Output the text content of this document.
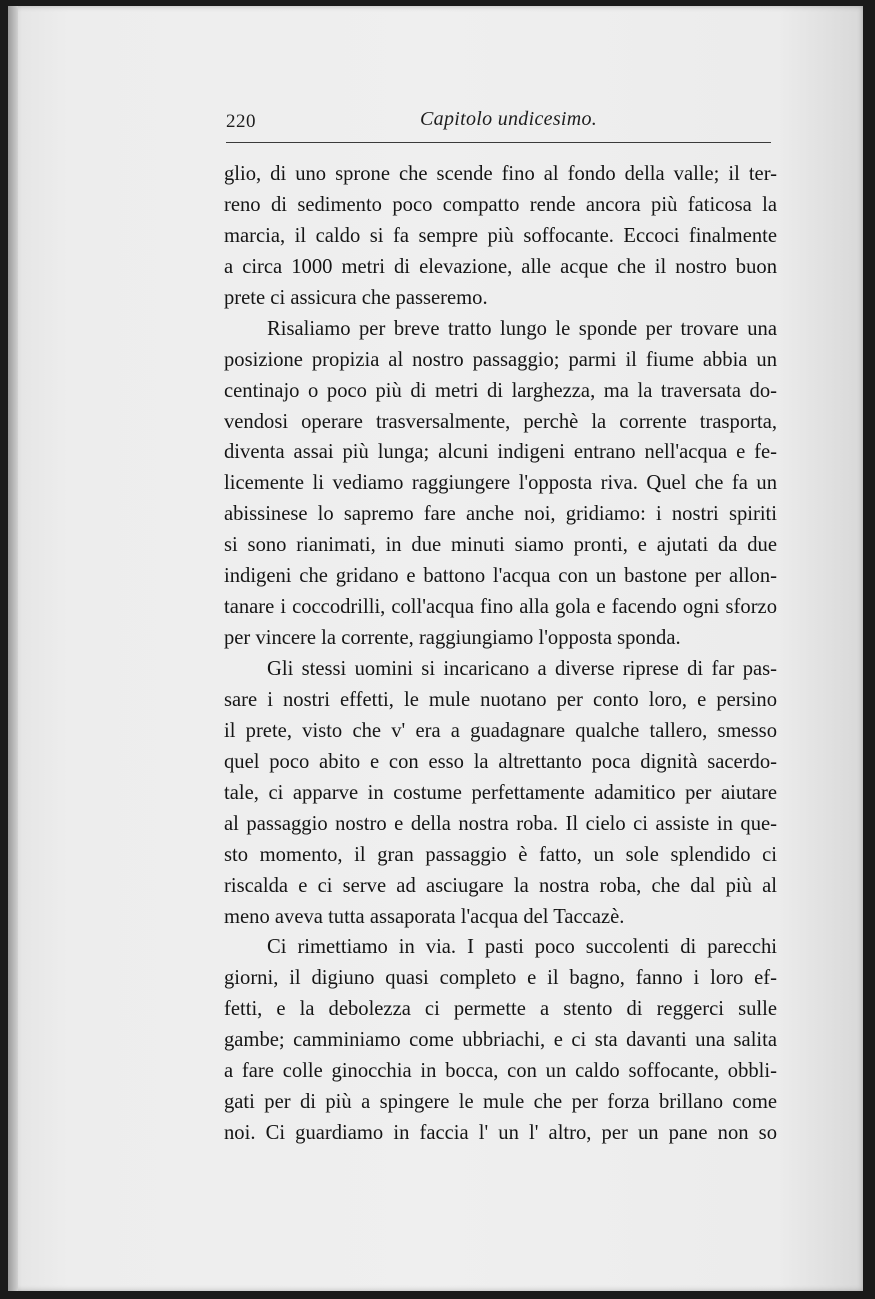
220	Capitolo undicesimo.
glio, di uno sprone che scende fino al fondo della valle; il ter-
reno di sedimento poco compatto rende ancora più faticosa la
marcia, il caldo si fa sempre più soffocante. Eccoci finalmente
a circa 1000 metri di elevazione, alle acque che il nostro buon
prete ci assicura che passeremo.
Risaliamo per breve tratto lungo le sponde per trovare una
posizione propizia al nostro passaggio; parmi il fiume abbia un
centinajo o poco più di metri di larghezza, ma la traversata do-
vendosi operare trasversalmente, perchè la corrente trasporta,
diventa assai più lunga; alcuni indigeni entrano nell'acqua e fe-
licemente li vediamo raggiungere l'opposta riva. Quel che fa un
abissinese lo sapremo fare anche noi, gridiamo: i nostri spiriti
si sono rianimati, in due minuti siamo pronti, e ajutati da due
indigeni che gridano e battono l'acqua con un bastone per allon-
tanare i coccodrilli, coll'acqua fino alla gola e facendo ogni sforzo
per vincere la corrente, raggiungiamo l'opposta sponda.
Gli stessi uomini si incaricano a diverse riprese di far pas-
sare i nostri effetti, le mule nuotano per conto loro, e persino
il prete, visto che v' era a guadagnare qualche tallero, smesso
quel poco abito e con esso la altrettanto poca dignità sacerdo-
tale, ci apparve in costume perfettamente adamitico per aiutare
al passaggio nostro e della nostra roba. Il cielo ci assiste in que-
sto momento, il gran passaggio è fatto, un sole splendido ci
riscalda e ci serve ad asciugare la nostra roba, che dal più al
meno aveva tutta assaporata l'acqua del Taccazè.
Ci rimettiamo in via. I pasti poco succolenti di parecchi
giorni, il digiuno quasi completo e il bagno, fanno i loro ef-
fetti, e la debolezza ci permette a stento di reggerci sulle
gambe; camminiamo come ubbriachi, e ci sta davanti una salita
a fare colle ginocchia in bocca, con un caldo soffocante, obbli-
gati per di più a spingere le mule che per forza brillano come
noi. Ci guardiamo in faccia l' un l' altro, per un pane non so
